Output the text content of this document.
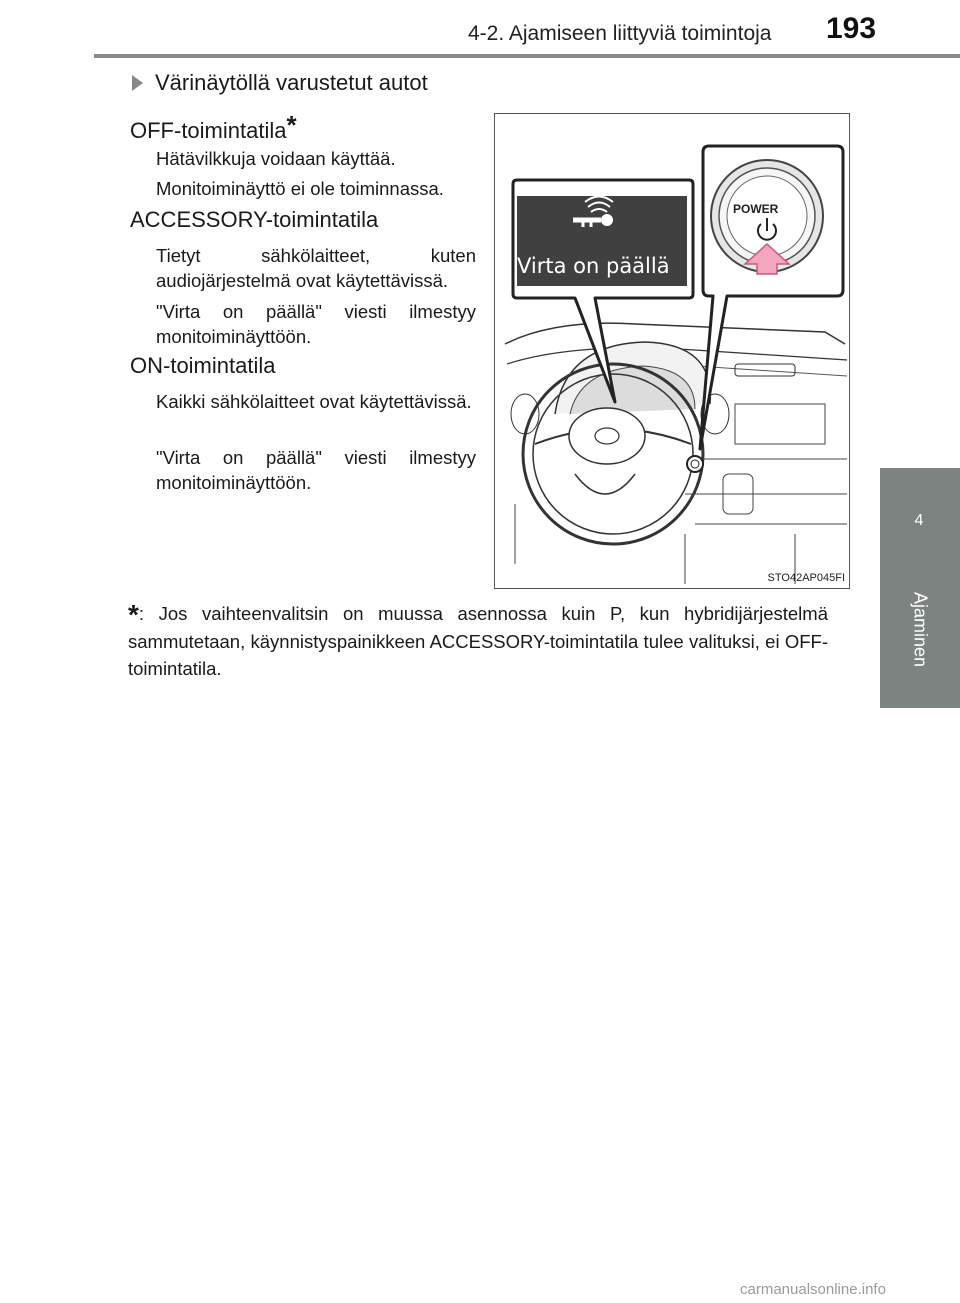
4-2. Ajamiseen liittyviä toimintoja 193
4
Ajaminen
Värinäytöllä varustetut autot
OFF-toimintatila*
Hätävilkkuja voidaan käyttää.
Monitoiminäyttö ei ole toiminnassa.
ACCESSORY-toimintatila
Tietyt sähkölaitteet, kuten audiojärjestelmä ovat käytettävissä.
"Virta on päällä" viesti ilmestyy monitoiminäyttöön.
ON-toimintatila
Kaikki sähkölaitteet ovat käytettävissä.
"Virta on päällä" viesti ilmestyy monitoiminäyttöön.
Virta on päällä
POWER
STO42AP045FI
*: Jos vaihteenvalitsin on muussa asennossa kuin P, kun hybridijärjestelmä sammutetaan, käynnistyspainikkeen ACCESSORY-toimintatila tulee valituksi, ei OFF-toimintatila.
carmanualsonline.info
